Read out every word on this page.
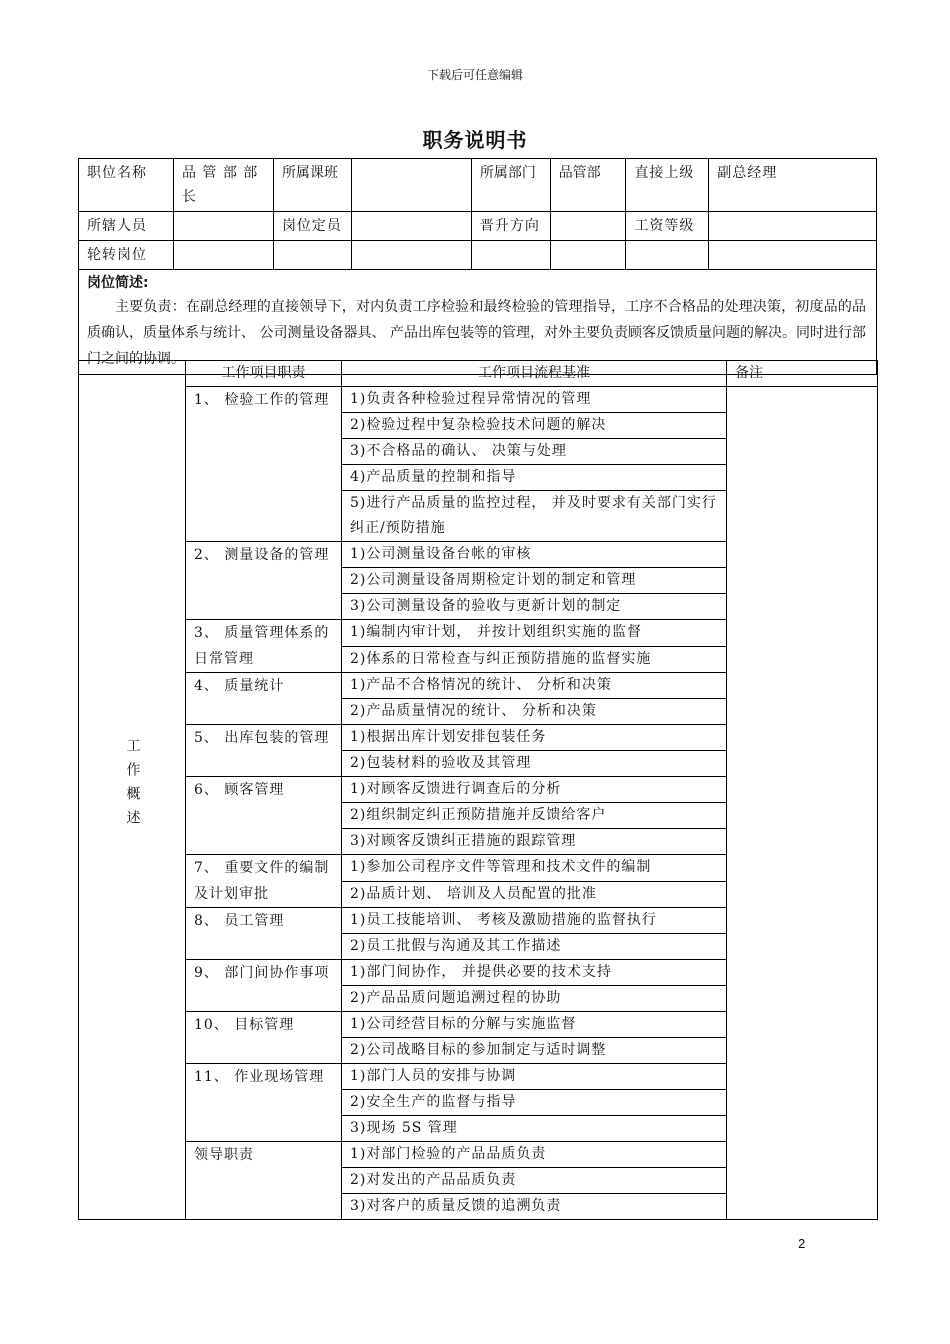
下载后可任意编辑
职务说明书
职位名称	品 管 部 部 长	所属课班		所属部门	品管部	直接上级	副总经理
所辖人员		岗位定员		晋升方向		工资等级	
轮转岗位							

岗位简述:
主要负责：在副总经理的直接领导下，对内负责工序检验和最终检验的管理指导，工序不合格品的处理决策，初度品的品质确认，质量体系与统计、 公司测量设备器具、 产品出库包装等的管理，对外主要负责顾客反馈质量问题的解决。同时进行部门之间的协调。							
工作概述	工作项目职责	工作项目流程基准	备注
	1、 检验工作的管理	1)负责各种检验过程异常情况的管理	
		2)检验过程中复杂检验技术问题的解决	
		3)不合格品的确认、 决策与处理	
		4)产品质量的控制和指导	
		5)进行产品质量的监控过程， 并及时要求有关部门实行纠正/预防措施	
	2、 测量设备的管理	1)公司测量设备台帐的审核	
		2)公司测量设备周期检定计划的制定和管理	
		3)公司测量设备的验收与更新计划的制定	
	3、 质量管理体系的日常管理	1)编制内审计划， 并按计划组织实施的监督	
		2)体系的日常检查与纠正预防措施的监督实施	
	4、 质量统计	1)产品不合格情况的统计、 分析和决策	
		2)产品质量情况的统计、 分析和决策	
	5、 出库包装的管理	1)根据出库计划安排包装任务	
		2)包装材料的验收及其管理	
	6、 顾客管理	1)对顾客反馈进行调查后的分析	
		2)组织制定纠正预防措施并反馈给客户	
		3)对顾客反馈纠正措施的跟踪管理	
	7、 重要文件的编制及计划审批	1)参加公司程序文件等管理和技术文件的编制	
		2)品质计划、 培训及人员配置的批准	
	8、 员工管理	1)员工技能培训、 考核及激励措施的监督执行	
		2)员工批假与沟通及其工作描述	
	9、 部门间协作事项	1)部门间协作， 并提供必要的技术支持	
		2)产品品质问题追溯过程的协助	
	10、 目标管理	1)公司经营目标的分解与实施监督	
		2)公司战略目标的参加制定与适时调整	
	11、 作业现场管理	1)部门人员的安排与协调	
		2)安全生产的监督与指导	
		3)现场 5S 管理	
	领导职责	1)对部门检验的产品品质负责	
		2)对发出的产品品质负责	
		3)对客户的质量反馈的追溯负责	
2
